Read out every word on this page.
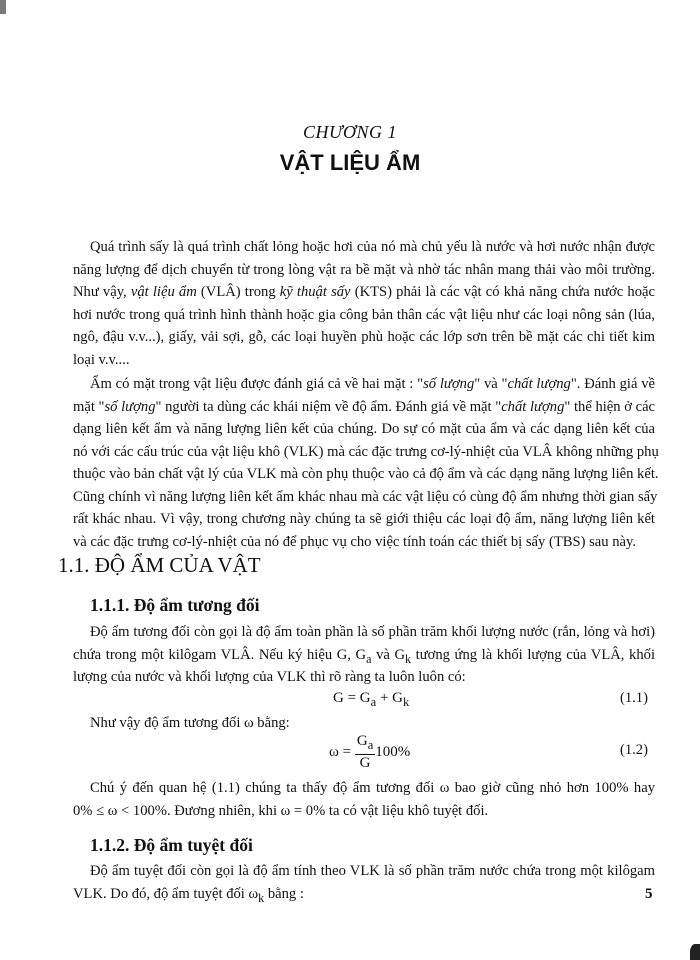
CHƯƠNG 1
VẬT LIỆU ẨM
Quá trình sấy là quá trình chất lỏng hoặc hơi của nó mà chủ yếu là nước và hơi nước nhận được
năng lượng để dịch chuyển từ trong lòng vật ra bề mặt và nhờ tác nhân mang thải vào môi trường.
Như vậy, vật liệu ẩm (VLÂ) trong kỹ thuật sấy (KTS) phải là các vật có khả năng chứa nước hoặc
hơi nước trong quá trình hình thành hoặc gia công bản thân các vật liệu như các loại nông sản (lúa,
ngô, đậu v.v...), giấy, vải sợi, gỗ, các loại huyền phù hoặc các lớp sơn trên bề mặt các chi tiết kim
loại v.v....
Ẩm có mặt trong vật liệu được đánh giá cả về hai mặt : "số lượng" và "chất lượng". Đánh giá về
mặt "số lượng" người ta dùng các khái niệm về độ ẩm. Đánh giá về mặt "chất lượng" thể hiện ở các
dạng liên kết ẩm và năng lượng liên kết của chúng. Do sự có mặt của ẩm và các dạng liên kết của
nó với các cấu trúc của vật liệu khô (VLK) mà các đặc trưng cơ-lý-nhiệt của VLÂ không những phụ
thuộc vào bản chất vật lý của VLK mà còn phụ thuộc vào cả độ ẩm và các dạng năng lượng liên kết.
Cũng chính vì năng lượng liên kết ẩm khác nhau mà các vật liệu có cùng độ ẩm nhưng thời gian sấy
rất khác nhau. Vì vậy, trong chương này chúng ta sẽ giới thiệu các loại độ ẩm, năng lượng liên kết
và các đặc trưng cơ-lý-nhiệt của nó để phục vụ cho việc tính toán các thiết bị sấy (TBS) sau này.
1.1. ĐỘ ẨM CỦA VẬT
1.1.1. Độ ẩm tương đối
Độ ẩm tương đối còn gọi là độ ẩm toàn phần là số phần trăm khối lượng nước (rắn, lỏng và hơi)
chứa trong một kilôgam VLÂ. Nếu ký hiệu G, $G_a$ và $G_k$ tương ứng là khối lượng của VLÂ, khối
lượng của nước và khối lượng của VLK thì rõ ràng ta luôn luôn có:
$G = G_a + G_k$	(1.1)
Như vậy độ ẩm tương đối ω bằng:
$\omega = \frac{G_a}{G} 100\%$	(1.2)
Chú ý đến quan hệ (1.1) chúng ta thấy độ ẩm tương đối ω bao giờ cũng nhỏ hơn 100% hay
0% ≤ ω < 100%. Đương nhiên, khi ω = 0% ta có vật liệu khô tuyệt đối.
1.1.2. Độ ẩm tuyệt đối
Độ ẩm tuyệt đối còn gọi là độ ẩm tính theo VLK là số phần trăm nước chứa trong một kilôgam
VLK. Do đó, độ ẩm tuyệt đối $\omega_k$ bằng :	5
